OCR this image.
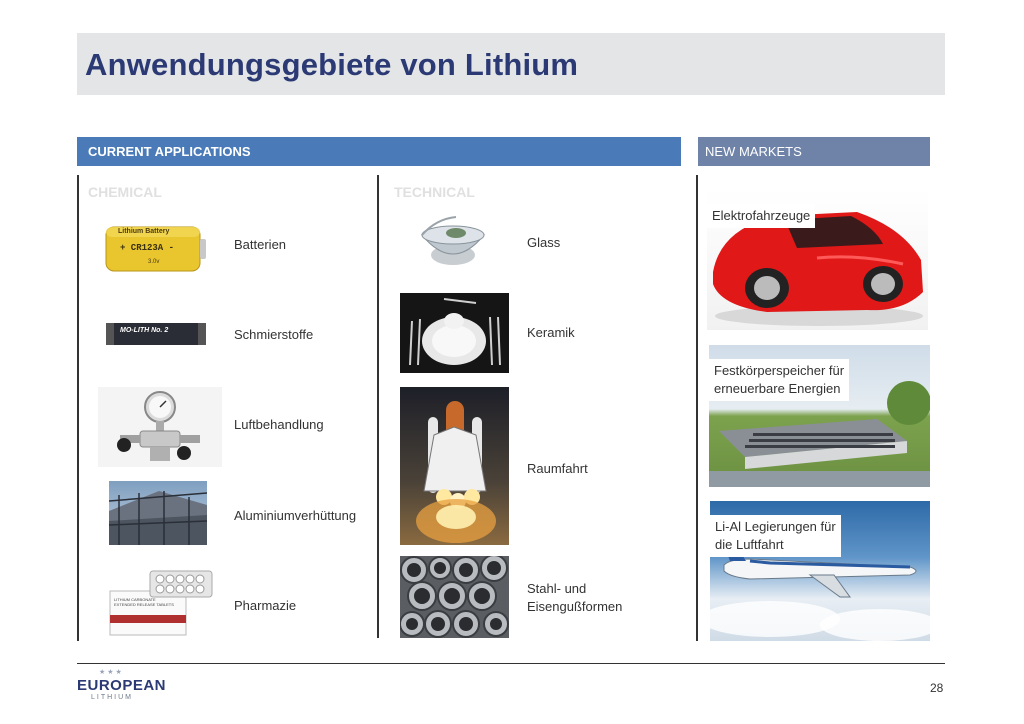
Anwendungsgebiete von Lithium
CURRENT APPLICATIONS	NEW MARKETS
CHEMICAL	TECHNICAL
Lithium Battery
+ CR123A -
3.0v
Batterien
MO-LITH No. 2	Schmierstoffe
Luftbehandlung
Aluminiumverhüttung
LITHIUM CARBONATE EXTENDED RELEASE TABLETS	Pharmazie
Glass
Keramik
Raumfahrt
Stahl- und
Eisengußformen
Elektrofahrzeuge
Festkörperspeicher für
erneuerbare Energien
Li-Al Legierungen für
die Luftfahrt
★★★
EUROPEAN
LITHIUM
28
